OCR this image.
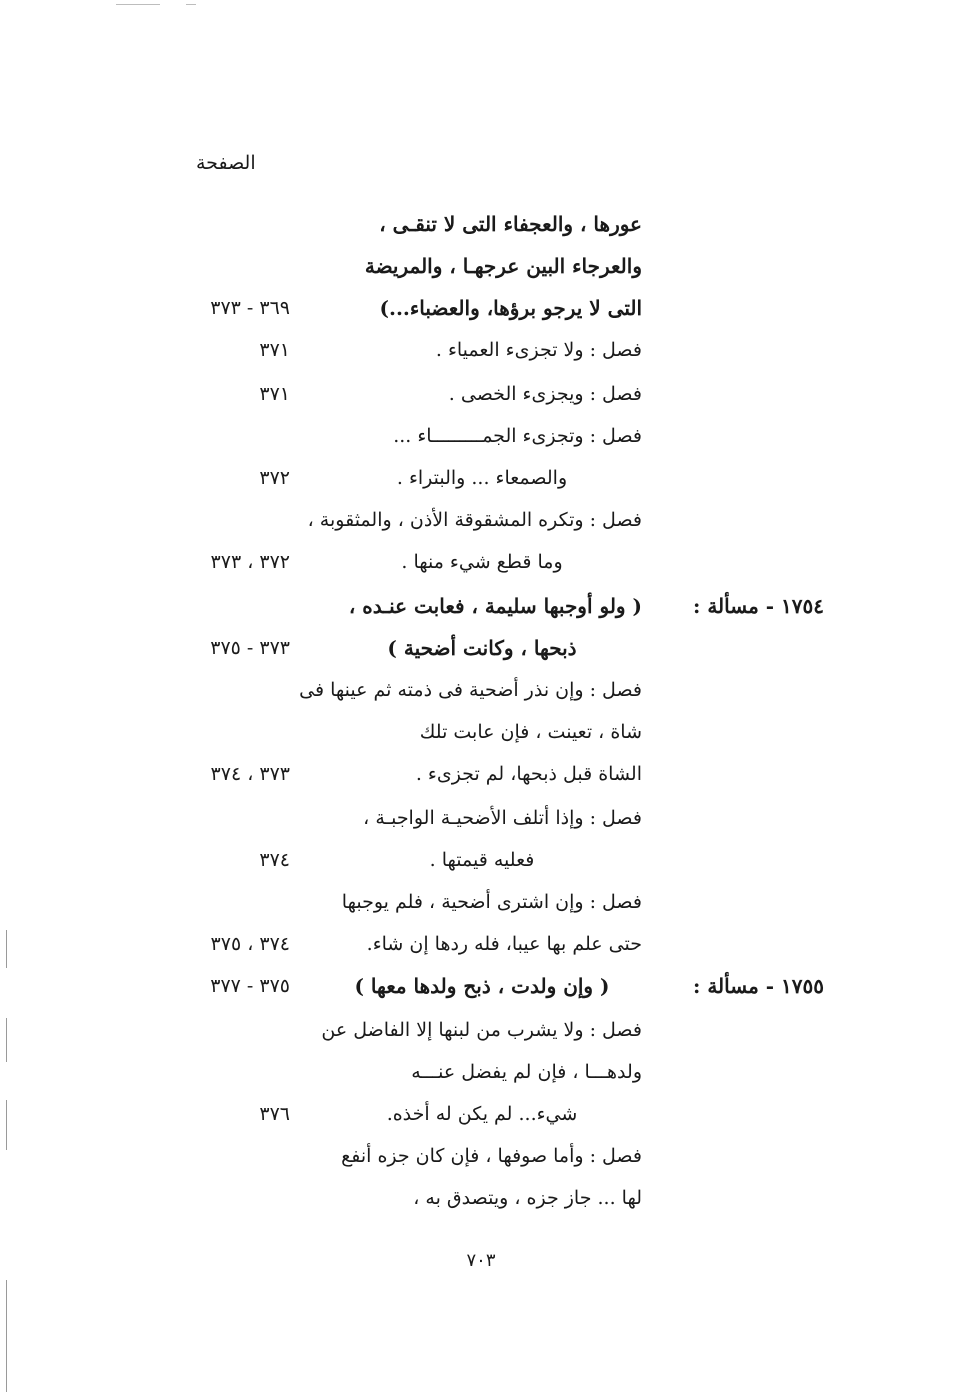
الصفحة
عورها ، والعجفاء التى لا تنقـى ،
والعرجاء البين عرجهـا ، والمريضة
التى لا يرجو برؤها، والعضباء...)
٣٦٩ - ٣٧٣
فصل : ولا تجزىء العمياء .
٣٧١
فصل : ويجزىء الخصى .
٣٧١
فصل : وتجزىء الجمـــــــــاء ...
والصمعاء ... والبتراء .
٣٧٢
فصل : وتكره المشقوقة الأذن ، والمثقوبة ،
وما قطع شيء منها .
٣٧٢ ، ٣٧٣
١٧٥٤ - مسألة :
( ولو أوجبها سليمة ، فعابت عنـده ،
ذبحها ، وكانت أضحية )
٣٧٣ - ٣٧٥
فصل : وإن نذر أضحية فى ذمته ثم عينها فى
شاة ، تعينت ، فإن عابت تلك
الشاة قبل ذبحها، لم تجزىء .
٣٧٣ ، ٣٧٤
فصل : وإذا أتلف الأضحيـة الواجبـة ،
فعليه قيمتها .
٣٧٤
فصل : وإن اشترى أضحية ، فلم يوجبها
حتى علم بها عيبا، فله ردها إن شاء.
٣٧٤ ، ٣٧٥
١٧٥٥ - مسألة :
( وإن ولدت ، ذبح ولدها معها )
٣٧٥ - ٣٧٧
فصل : ولا يشرب من لبنها إلا الفاضل عن
ولدهـــا ، فإن لم يفضل عنـــه
شيء... لم يكن له أخذه.
٣٧٦
فصل : وأما صوفها ، فإن كان جزه أنفع
لها ... جاز جزه ، ويتصدق به ،
٧٠٣
